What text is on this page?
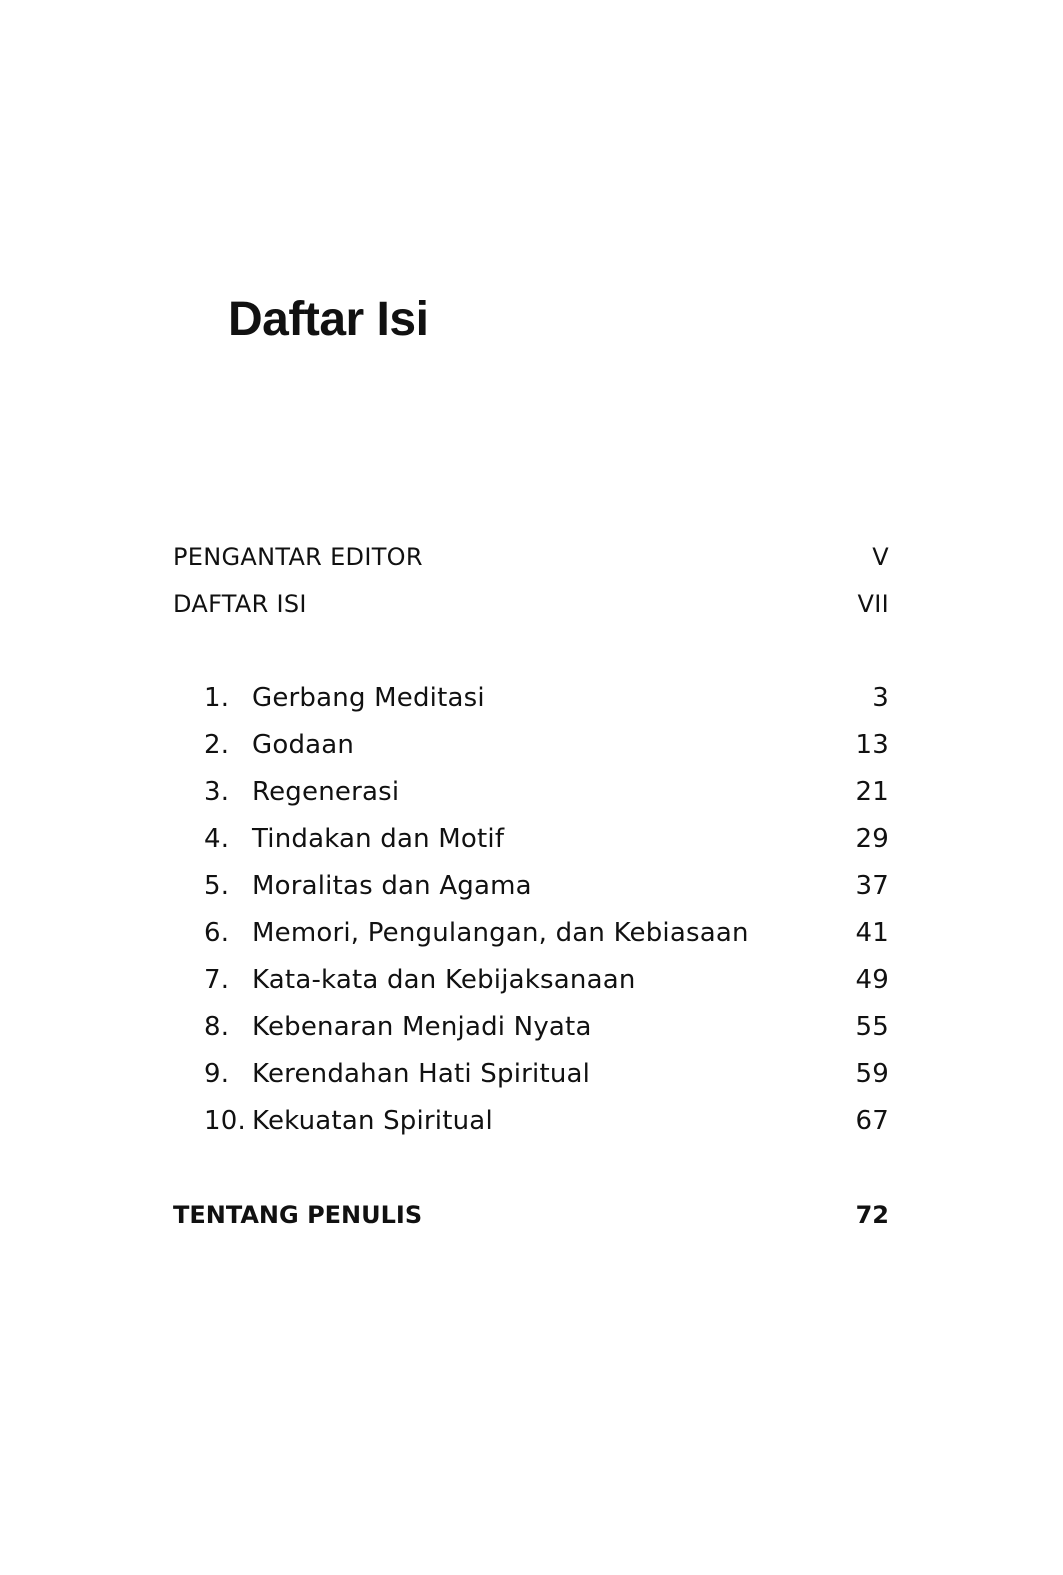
Daftar Isi
PENGANTAR EDITOR	V
DAFTAR ISI	VII
1. Gerbang Meditasi	3
2. Godaan	13
3. Regenerasi	21
4. Tindakan dan Motif	29
5. Moralitas dan Agama	37
6. Memori, Pengulangan, dan Kebiasaan	41
7. Kata-kata dan Kebijaksanaan	49
8. Kebenaran Menjadi Nyata	55
9. Kerendahan Hati Spiritual	59
10. Kekuatan Spiritual	67
TENTANG PENULIS	72
